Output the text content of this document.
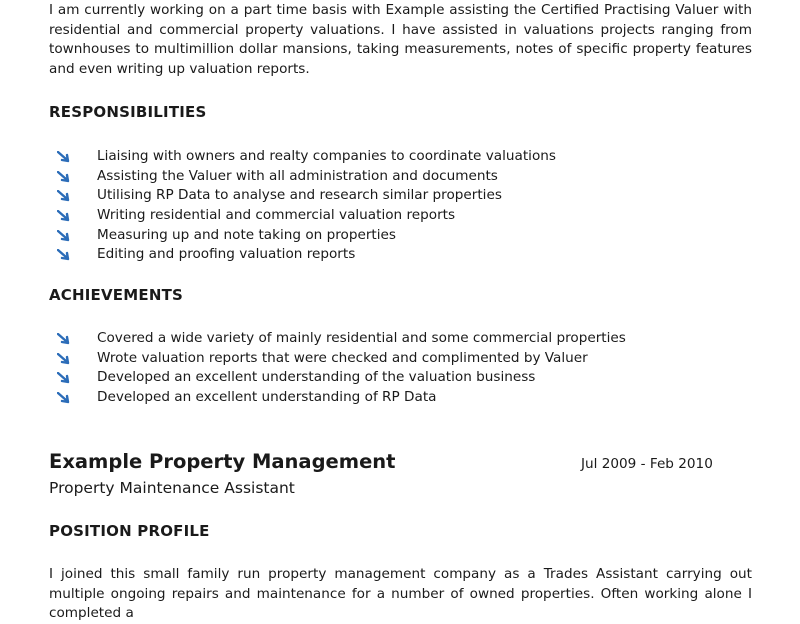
I am currently working on a part time basis with Example assisting the Certified Practising Valuer with residential and commercial property valuations. I have assisted in valuations projects ranging from townhouses to multimillion dollar mansions, taking measurements, notes of specific property features and even writing up valuation reports.

RESPONSIBILITIES
Liaising with owners and realty companies to coordinate valuations
Assisting the Valuer with all administration and documents
Utilising RP Data to analyse and research similar properties
Writing residential and commercial valuation reports
Measuring up and note taking on properties
Editing and proofing valuation reports
ACHIEVEMENTS
Covered a wide variety of mainly residential and some commercial properties
Wrote valuation reports that were checked and complimented by Valuer
Developed an excellent understanding of the valuation business
Developed an excellent understanding of RP Data
Example Property Management	Jul 2009 - Feb 2010
Property Maintenance Assistant
POSITION PROFILE

I joined this small family run property management company as a Trades Assistant carrying out multiple ongoing repairs and maintenance for a number of owned properties. Often working alone I completed a
